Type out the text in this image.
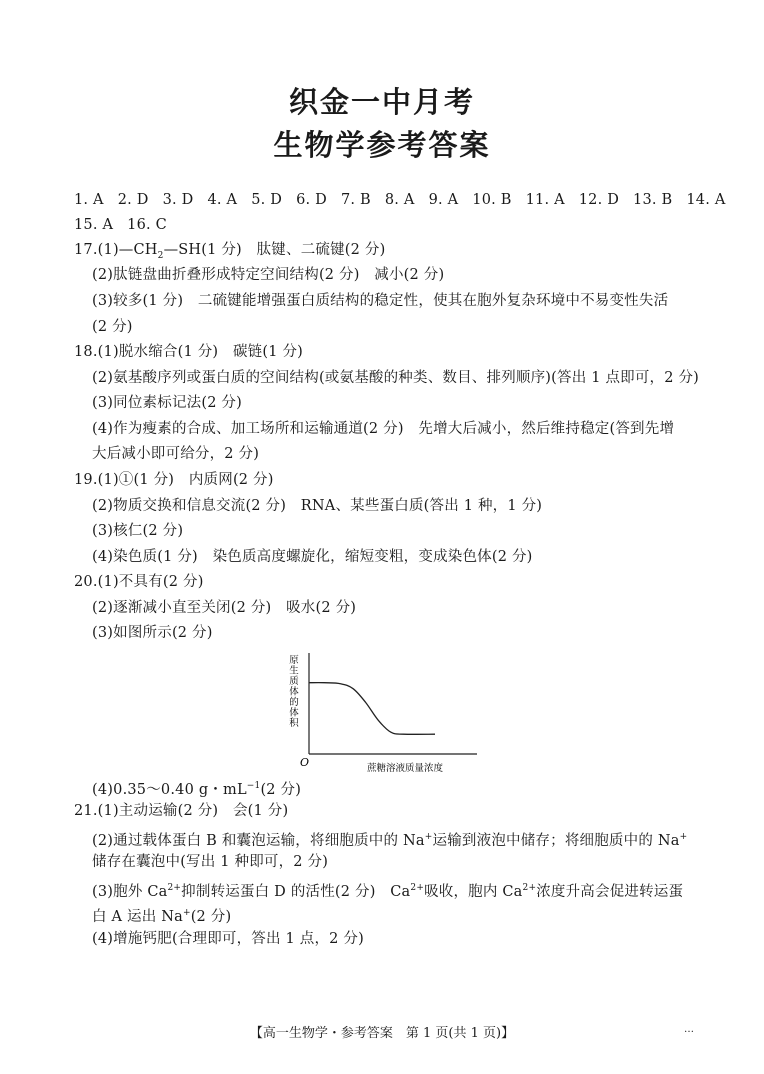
织金一中月考
生物学参考答案
1. A 2. D 3. D 4. A 5. D 6. D 7. B 8. A 9. A 10. B 11. A 12. D 13. B 14. A
15. A 16. C
$17.(1)—CH_2—SH(1$ 分)　肽键、二硫键(2 分)
(2)肽链盘曲折叠形成特定空间结构(2 分)　减小(2 分)
(3)较多(1 分)　二硫键能增强蛋白质结构的稳定性，使其在胞外复杂环境中不易变性失活
(2 分)
18.(1)脱水缩合(1 分)　碳链(1 分)
(2)氨基酸序列或蛋白质的空间结构(或氨基酸的种类、数目、排列顺序)(答出 1 点即可，2 分)
(3)同位素标记法(2 分)
(4)作为瘦素的合成、加工场所和运输通道(2 分)　先增大后减小，然后维持稳定(答到先增
大后减小即可给分，2 分)
19.(1)①(1 分)　内质网(2 分)
(2)物质交换和信息交流(2 分)　RNA、某些蛋白质(答出 1 种，1 分)
(3)核仁(2 分)
(4)染色质(1 分)　染色质高度螺旋化，缩短变粗，变成染色体(2 分)
20.(1)不具有(2 分)
(2)逐渐减小直至关闭(2 分)　吸水(2 分)
(3)如图所示(2 分)
原
生
质
体
的
体
积
O	蔗糖溶液质量浓度
(4)0.35～0.40 g・$mL^{-1}(2$ 分)
21.(1)主动运输(2 分)　会(1 分)
(2)通过载体蛋白 B 和囊泡运输，将细胞质中的 Na+运输到液泡中储存；将细胞质中的 Na+
储存在囊泡中(写出 1 种即可，2 分)
(3)胞外 $Ca^{2+}$抑制转运蛋白 D 的活性(2 分)　$Ca^{2+}$吸收，胞内 $Ca^{2+}$浓度升高会促进转运蛋
白 A 运出 Na+(2 分)
(4)增施钙肥(合理即可，答出 1 点，2 分)
【高一生物学・参考答案　第 1 页(共 1 页)】	…
